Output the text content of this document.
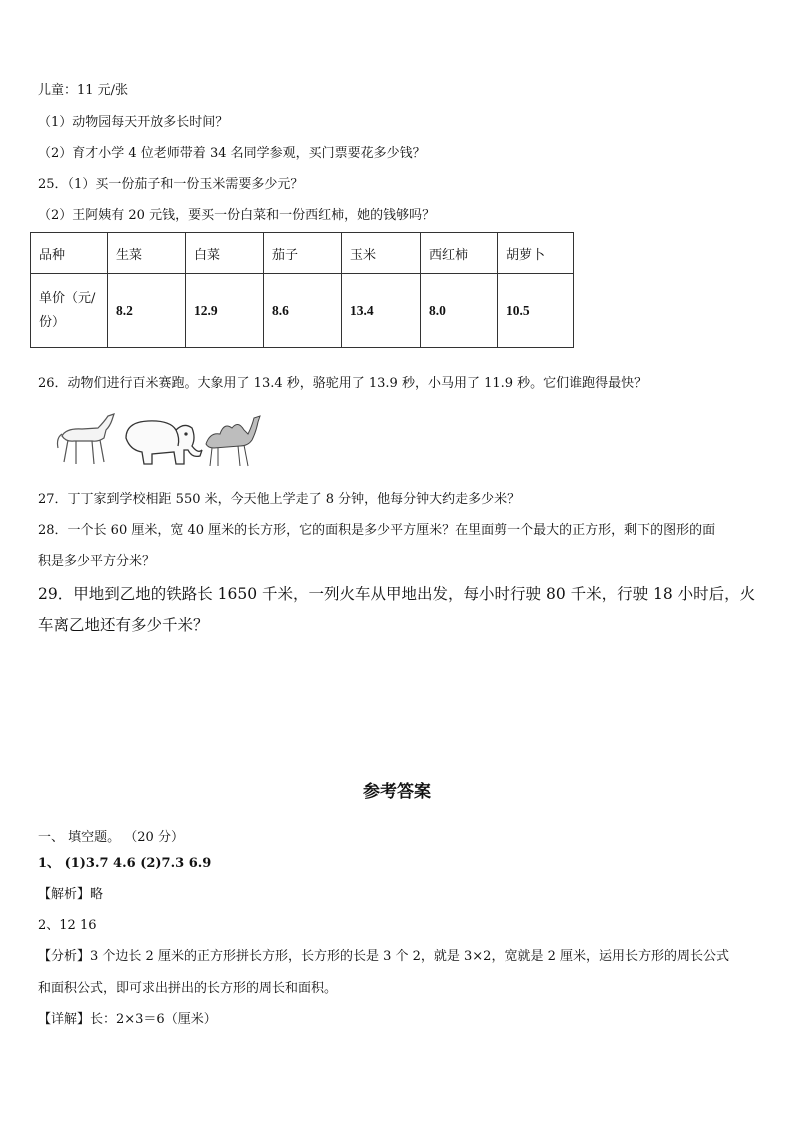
儿童：11 元/张
（1）动物园每天开放多长时间？
（2）育才小学 4 位老师带着 34 名同学参观，买门票要花多少钱？
25．（1）买一份茄子和一份玉米需要多少元？
（2）王阿姨有 20 元钱，要买一份白菜和一份西红柿，她的钱够吗？
品种	生菜	白菜	茄子	玉米	西红柿	胡萝卜

单价（元/
份）	8.2	12.9	8.6	13.4	8.0	10.5
26．动物们进行百米赛跑。大象用了 13.4 秒，骆驼用了 13.9 秒，小马用了 11.9 秒。它们谁跑得最快？
27．丁丁家到学校相距 550 米，今天他上学走了 8 分钟，他每分钟大约走多少米？
28．一个长 60 厘米，宽 40 厘米的长方形，它的面积是多少平方厘米？在里面剪一个最大的正方形，剩下的图形的面
积是多少平方分米？
29．甲地到乙地的铁路长 1650 千米，一列火车从甲地出发，每小时行驶 80 千米，行驶 18 小时后，火
车离乙地还有多少千米？
参考答案
一、 填空题。 （20 分）
1、 (1)3.7 4.6 (2)7.3 6.9
【解析】略
2、12 16
【分析】3 个边长 2 厘米的正方形拼长方形，长方形的长是 3 个 2，就是 3×2，宽就是 2 厘米，运用长方形的周长公式
和面积公式，即可求出拼出的长方形的周长和面积。
【详解】长：2×3＝6（厘米）
